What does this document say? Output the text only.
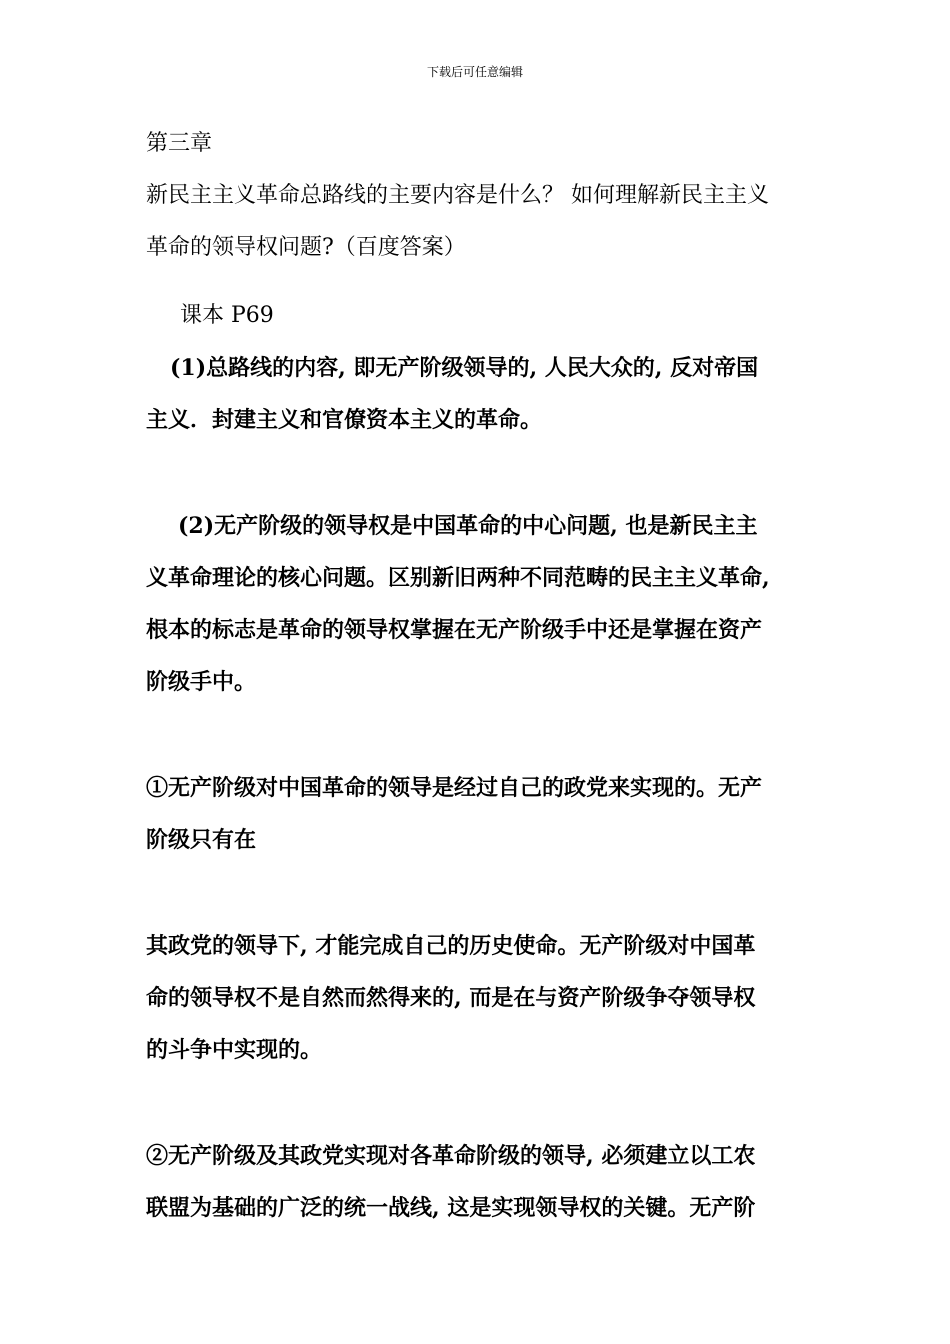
下载后可任意编辑

第三章

新民主主义革命总路线的主要内容是什么？ 如何理解新民主主义
革命的领导权问题?（百度答案）

课本 P69

(1)总路线的内容, 即无产阶级领导的, 人民大众的, 反对帝国
主义．封建主义和官僚资本主义的革命。

(2)无产阶级的领导权是中国革命的中心问题, 也是新民主主
义革命理论的核心问题。区别新旧两种不同范畴的民主主义革命,
根本的标志是革命的领导权掌握在无产阶级手中还是掌握在资产
阶级手中。

①无产阶级对中国革命的领导是经过自己的政党来实现的。无产
阶级只有在

其政党的领导下, 才能完成自己的历史使命。无产阶级对中国革
命的领导权不是自然而然得来的, 而是在与资产阶级争夺领导权
的斗争中实现的。

②无产阶级及其政党实现对各革命阶级的领导, 必须建立以工农
联盟为基础的广泛的统一战线, 这是实现领导权的关键。无产阶
